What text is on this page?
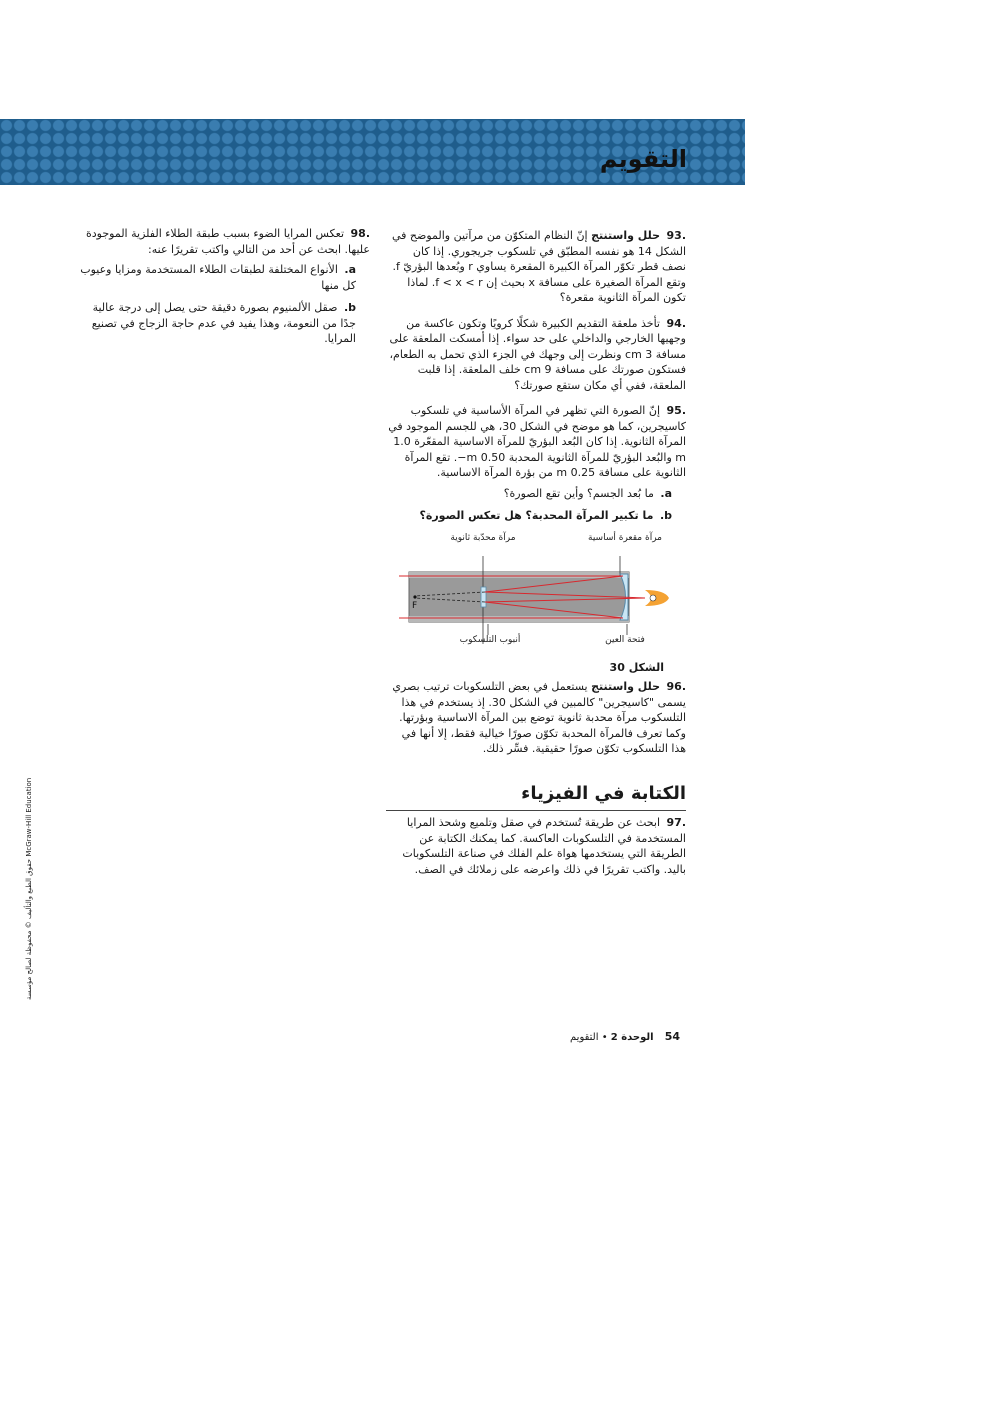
التقويم

.93 حلل واستنتج إنّ النظام المتكوّن من مرآتين والموضح في الشكل 14 هو نفسه المطبّق في تلسكوب جريجوري. إذا كان نصف قطر تكوّر المرآة الكبيرة المقعرة يساوي r وبُعدها البؤريّ f. وتقع المرآة الصغيرة على مسافة x بحيث إن f < x < r. لماذا تكون المرآة الثانوية مقعرة؟

.94 تأخذ ملعقة التقديم الكبيرة شكلًا كرويًا وتكون عاكسة من وجهيها الخارجي والداخلي على حد سواء. إذا أمسكت الملعقة على مسافة 3 cm ونظرت إلى وجهك في الجزء الذي تحمل به الطعام، فستكون صورتك على مسافة 9 cm خلف الملعقة. إذا قلبت الملعقة، ففي أي مكان ستقع صورتك؟

.95 إنّ الصورة التي تظهر في المرآة الأساسية في تلسكوب كاسيجرين، كما هو موضح في الشكل 30، هي للجسم الموجود في المرآة الثانوية. إذا كان البُعد البؤريّ للمرآة الاساسية المقعّرة 1.0 m والبُعد البؤريّ للمرآة الثانوية المحدبة 0.50 m−. تقع المرآة الثانوية على مسافة 0.25 m من بؤرة المرآة الاساسية.

a. ما بُعد الجسم؟ وأين تقع الصورة؟

b. ما تكبير المرآة المحدبة؟ هل تعكس الصورة؟

مرآة محدّبة ثانوية	مرآة مقعرة أساسية
F
أنبوب التلسكوب	فتحة العين
الشكل 30

.96 حلل واستنتج يستعمل في بعض التلسكوبات ترتيب بصري يسمى "كاسيجرين" كالمبين في الشكل 30. إذ يستخدم في هذا التلسكوب مرآة محدبة ثانوية توضع بين المرآة الاساسية وبؤرتها. وكما تعرف فالمرآة المحدبة تكوّن صورًا خيالية فقط، إلا أنها في هذا التلسكوب تكوّن صورًا حقيقية. فسِّر ذلك.

الكتابة في الفيزياء

.97 ابحث عن طريقة تُستخدم في صقل وتلميع وشحذ المرايا المستخدمة في التلسكوبات العاكسة. كما يمكنك الكتابة عن الطريقة التي يستخدمها هواة علم الفلك في صناعة التلسكوبات باليد. واكتب تقريرًا في ذلك واعرضه على زملائك في الصف.

.98 تعكس المرايا الضوء بسبب طبقة الطلاء الفلزية الموجودة عليها. ابحث عن أحد من التالي واكتب تقريرًا عنه:

a. الأنواع المختلفة لطبقات الطلاء المستخدمة ومزايا وعيوب كل منها

b. صقل الألمنيوم بصورة دقيقة حتى يصل إلى درجة عالية جدًا من النعومة، وهذا يفيد في عدم حاجة الزجاج في تصنيع المرايا.

حقوق الطبع والتأليف © محفوظة لصالح مؤسسة McGraw-Hill Education
54 الوحدة 2 • التقويم
